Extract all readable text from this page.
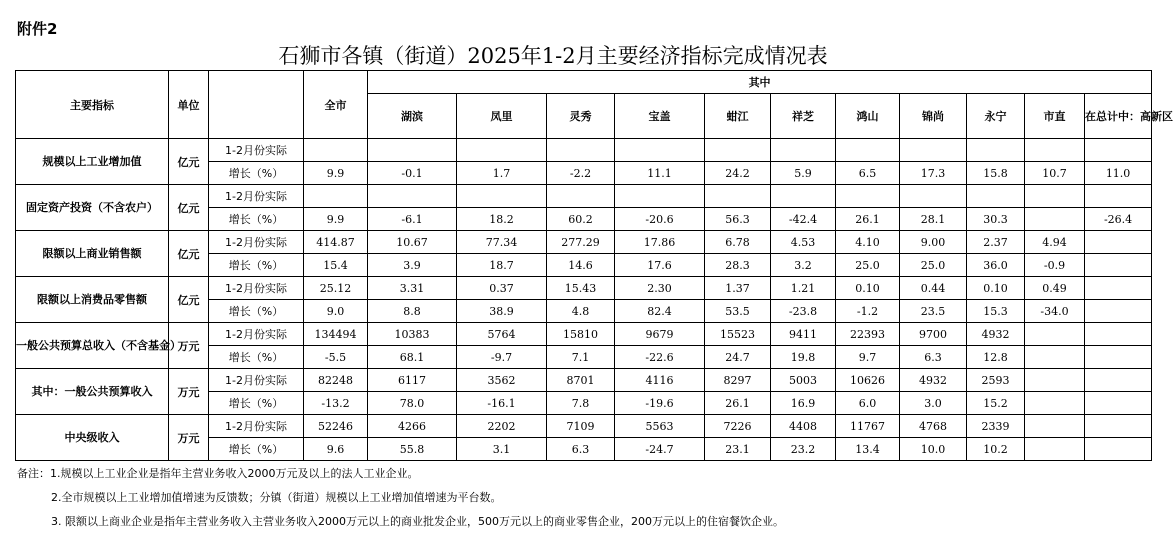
附件2
石狮市各镇（街道）2025年1-2月主要经济指标完成情况表
主要指标	单位		全市	其中										
				湖滨	凤里	灵秀	宝盖	蚶江	祥芝	鸿山	锦尚	永宁	市直	在总计中：高新区
规模以上工业增加值	亿元	1-2月份实际												
		增长（%）	9.9	-0.1	1.7	-2.2	11.1	24.2	5.9	6.5	17.3	15.8	10.7	11.0
固定资产投资（不含农户）	亿元	1-2月份实际												
		增长（%）	9.9	-6.1	18.2	60.2	-20.6	56.3	-42.4	26.1	28.1	30.3		-26.4
限额以上商业销售额	亿元	1-2月份实际	414.87	10.67	77.34	277.29	17.86	6.78	4.53	4.10	9.00	2.37	4.94	
		增长（%）	15.4	3.9	18.7	14.6	17.6	28.3	3.2	25.0	25.0	36.0	-0.9	
限额以上消费品零售额	亿元	1-2月份实际	25.12	3.31	0.37	15.43	2.30	1.37	1.21	0.10	0.44	0.10	0.49	
		增长（%）	9.0	8.8	38.9	4.8	82.4	53.5	-23.8	-1.2	23.5	15.3	-34.0	
一般公共预算总收入（不含基金）	万元	1-2月份实际	134494	10383	5764	15810	9679	15523	9411	22393	9700	4932		
		增长（%）	-5.5	68.1	-9.7	7.1	-22.6	24.7	19.8	9.7	6.3	12.8		
其中：一般公共预算收入	万元	1-2月份实际	82248	6117	3562	8701	4116	8297	5003	10626	4932	2593		
		增长（%）	-13.2	78.0	-16.1	7.8	-19.6	26.1	16.9	6.0	3.0	15.2		
中央级收入	万元	1-2月份实际	52246	4266	2202	7109	5563	7226	4408	11767	4768	2339		
		增长（%）	9.6	55.8	3.1	6.3	-24.7	23.1	23.2	13.4	10.0	10.2		
备注：1.规模以上工业企业是指年主营业务收入2000万元及以上的法人工业企业。
2.全市规模以上工业增加值增速为反馈数；分镇（街道）规模以上工业增加值增速为平台数。
3. 限额以上商业企业是指年主营业务收入主营业务收入2000万元以上的商业批发企业，500万元以上的商业零售企业，200万元以上的住宿餐饮企业。
